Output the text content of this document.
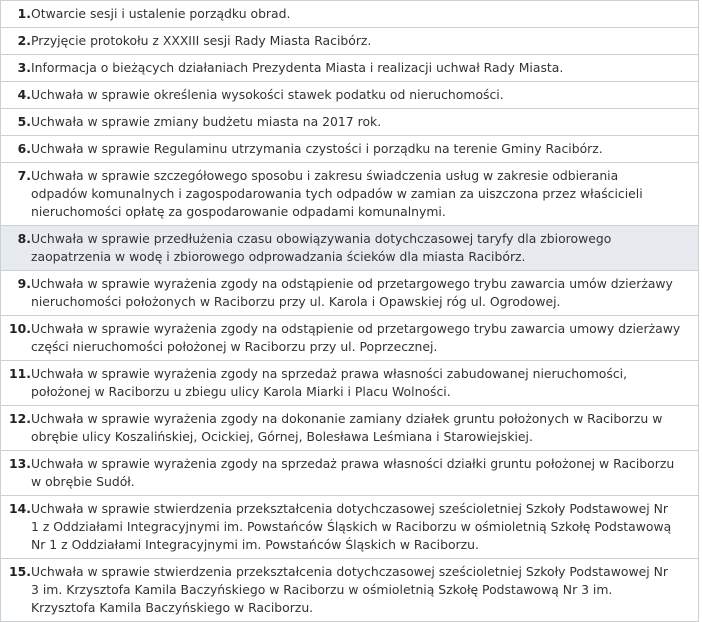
1. Otwarcie sesji i ustalenie porządku obrad.
2. Przyjęcie protokołu z XXXIII sesji Rady Miasta Racibórz.
3. Informacja o bieżących działaniach Prezydenta Miasta i realizacji uchwał Rady Miasta.
4. Uchwała w sprawie określenia wysokości stawek podatku od nieruchomości.
5. Uchwała w sprawie zmiany budżetu miasta na 2017 rok.
6. Uchwała w sprawie Regulaminu utrzymania czystości i porządku na terenie Gminy Racibórz.
7. Uchwała w sprawie szczegółowego sposobu i zakresu świadczenia usług w zakresie odbierania
odpadów komunalnych i zagospodarowania tych odpadów w zamian za uiszczona przez właścicieli
nieruchomości opłatę za gospodarowanie odpadami komunalnymi.
8. Uchwała w sprawie przedłużenia czasu obowiązywania dotychczasowej taryfy dla zbiorowego
zaopatrzenia w wodę i zbiorowego odprowadzania ścieków dla miasta Racibórz.
9. Uchwała w sprawie wyrażenia zgody na odstąpienie od przetargowego trybu zawarcia umów dzierżawy
nieruchomości położonych w Raciborzu przy ul. Karola i Opawskiej róg ul. Ogrodowej.
10. Uchwała w sprawie wyrażenia zgody na odstąpienie od przetargowego trybu zawarcia umowy dzierżawy
części nieruchomości położonej w Raciborzu przy ul. Poprzecznej.
11. Uchwała w sprawie wyrażenia zgody na sprzedaż prawa własności zabudowanej nieruchomości,
położonej w Raciborzu u zbiegu ulicy Karola Miarki i Placu Wolności.
12. Uchwała w sprawie wyrażenia zgody na dokonanie zamiany działek gruntu położonych w Raciborzu w
obrębie ulicy Koszalińskiej, Ocickiej, Górnej, Bolesława Leśmiana i Starowiejskiej.
13. Uchwała w sprawie wyrażenia zgody na sprzedaż prawa własności działki gruntu położonej w Raciborzu
w obrębie Sudół.
14. Uchwała w sprawie stwierdzenia przekształcenia dotychczasowej sześcioletniej Szkoły Podstawowej Nr
1 z Oddziałami Integracyjnymi im. Powstańców Śląskich w Raciborzu w ośmioletnią Szkołę Podstawową
Nr 1 z Oddziałami Integracyjnymi im. Powstańców Śląskich w Raciborzu.
15. Uchwała w sprawie stwierdzenia przekształcenia dotychczasowej sześcioletniej Szkoły Podstawowej Nr
3 im. Krzysztofa Kamila Baczyńskiego w Raciborzu w ośmioletnią Szkołę Podstawową Nr 3 im.
Krzysztofa Kamila Baczyńskiego w Raciborzu.
